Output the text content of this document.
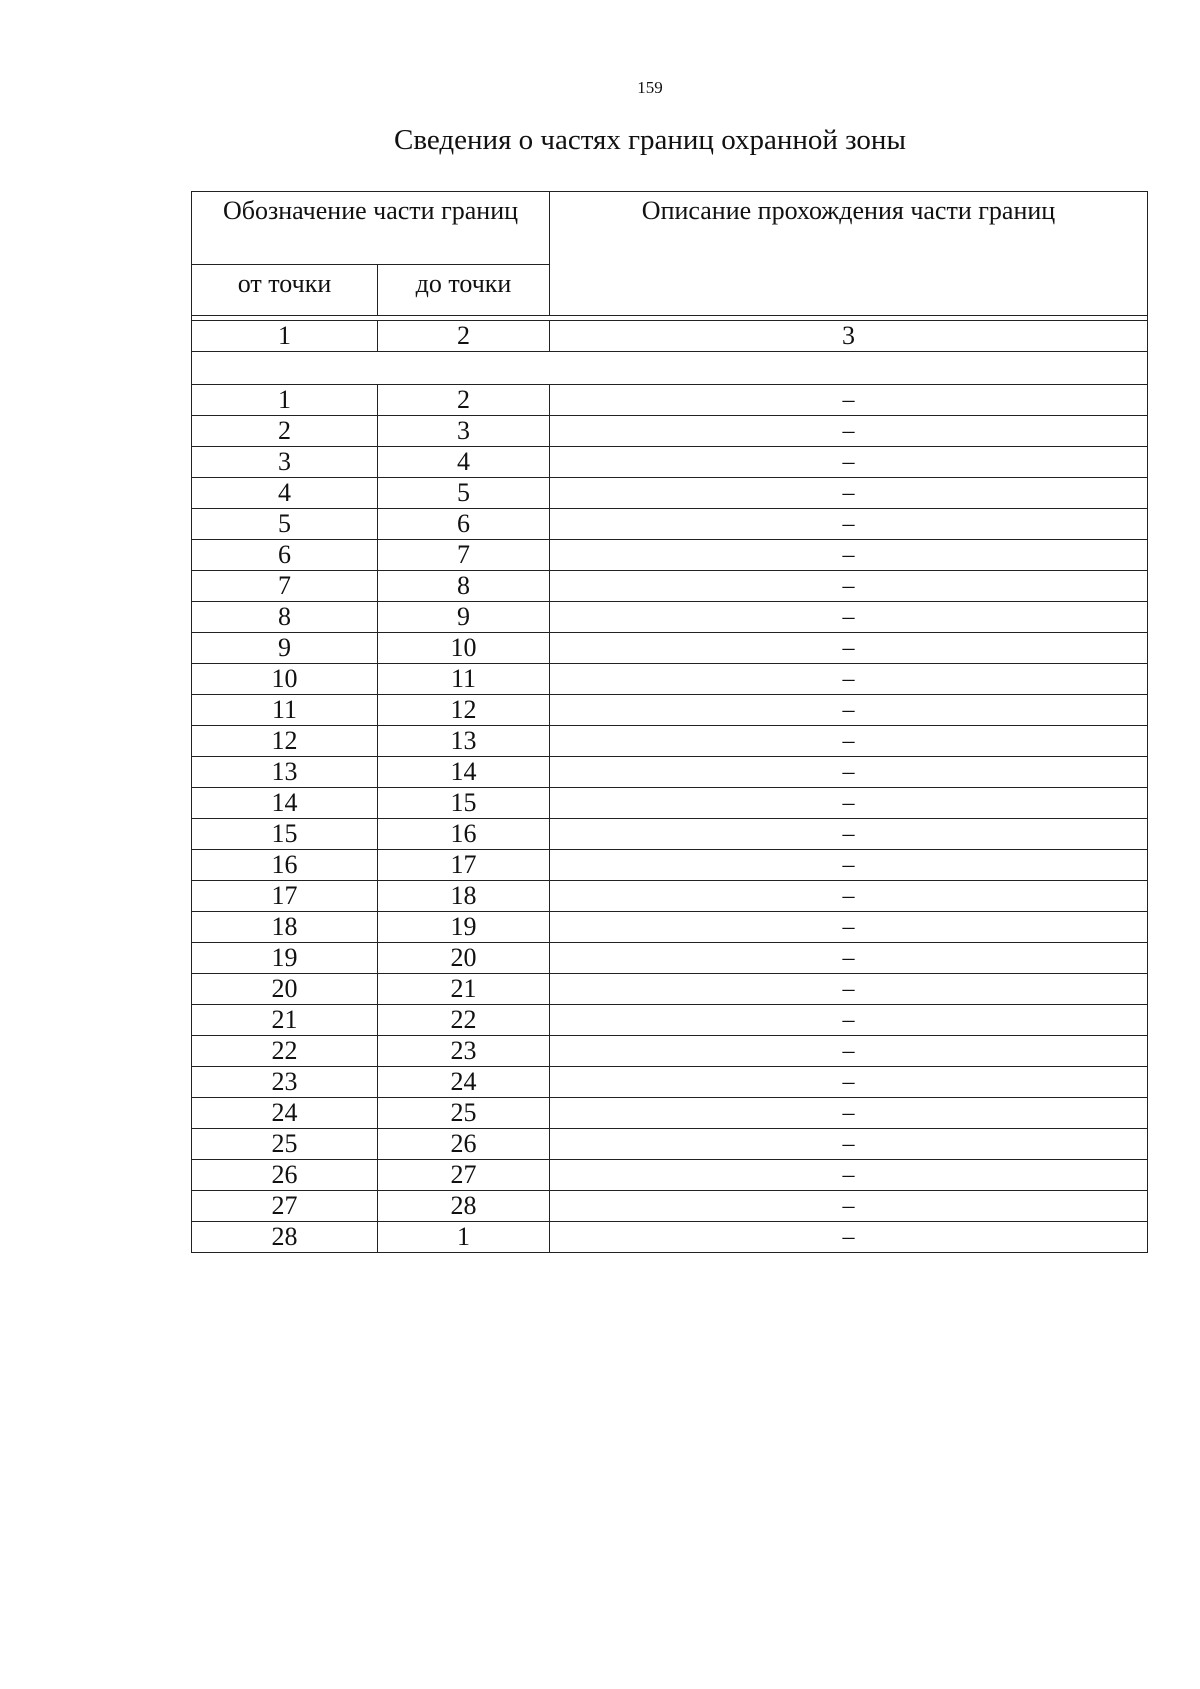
159
Сведения о частях границ охранной зоны
Обозначение части границ		Описание прохождения части границ
от точки	до точки	

1	2	3

1	2	–
2	3	–
3	4	–
4	5	–
5	6	–
6	7	–
7	8	–
8	9	–
9	10	–
10	11	–
11	12	–
12	13	–
13	14	–
14	15	–
15	16	–
16	17	–
17	18	–
18	19	–
19	20	–
20	21	–
21	22	–
22	23	–
23	24	–
24	25	–
25	26	–
26	27	–
27	28	–
28	1	–
